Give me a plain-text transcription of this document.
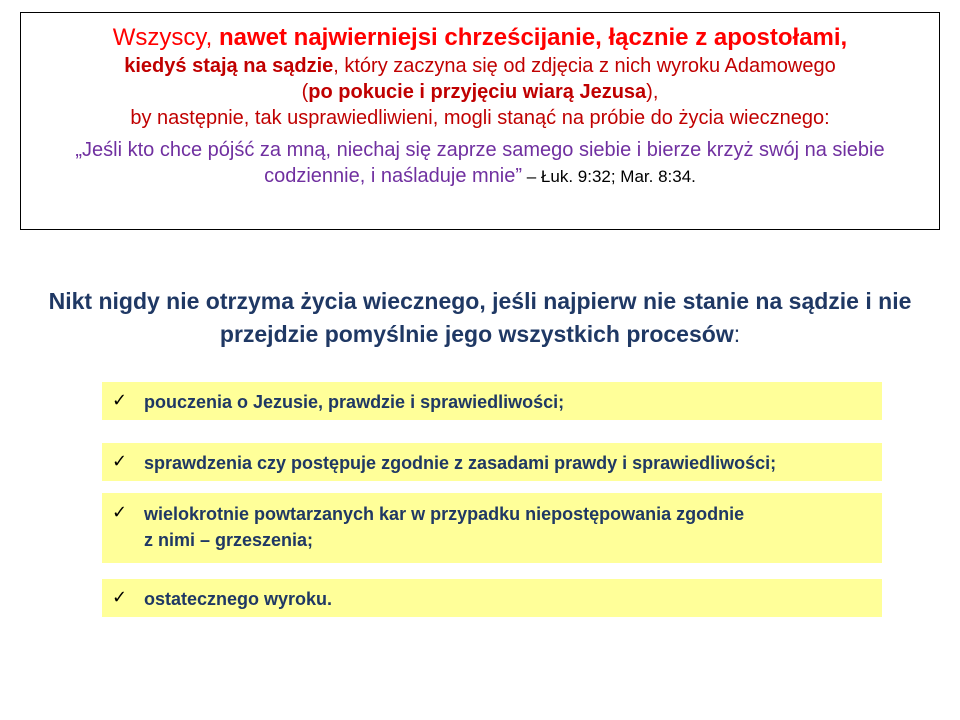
Wszyscy, nawet najwierniejsi chrześcijanie, łącznie z apostołami,
kiedyś stają na sądzie, który zaczyna się od zdjęcia z nich wyroku Adamowego
(po pokucie i przyjęciu wiarą Jezusa),
by następnie, tak usprawiedliwieni, mogli stanąć na próbie do życia wiecznego:
„Jeśli kto chce pójść za mną, niechaj się zaprze samego siebie i bierze krzyż swój na siebie codziennie, i naśladuje mnie” – Łuk. 9:32; Mar. 8:34.
Nikt nigdy nie otrzyma życia wiecznego, jeśli najpierw nie stanie na sądzie i nie przejdzie pomyślnie jego wszystkich procesów:
✓ pouczenia o Jezusie, prawdzie i sprawiedliwości;
✓ sprawdzenia czy postępuje zgodnie z zasadami prawdy i sprawiedliwości;
✓ wielokrotnie powtarzanych kar w przypadku niepostępowania zgodnie
z nimi – grzeszenia;
✓ ostatecznego wyroku.
